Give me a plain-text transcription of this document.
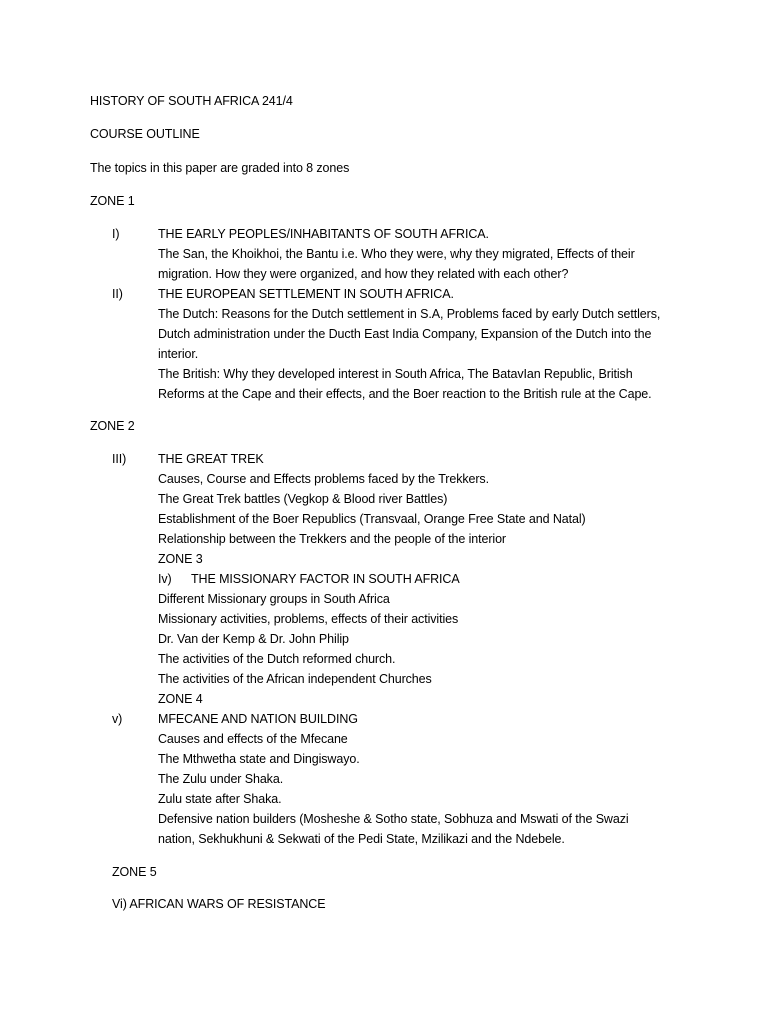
HISTORY OF SOUTH AFRICA 241/4
COURSE OUTLINE
The topics in this paper are graded into 8 zones
ZONE 1
I)	THE EARLY PEOPLES/INHABITANTS OF SOUTH AFRICA.
The San, the Khoikhoi, the Bantu i.e. Who they were, why they migrated, Effects of their
migration. How they were organized, and how they related with each other?
II)	THE EUROPEAN SETTLEMENT IN SOUTH AFRICA.
The Dutch: Reasons for the Dutch settlement in S.A, Problems faced by early Dutch settlers,
Dutch administration under the Ducth East India Company, Expansion of the Dutch into the
interior.
The British: Why they developed interest in South Africa, The BatavIan Republic, British
Reforms at the Cape and their effects, and the Boer reaction to the British rule at the Cape.
ZONE 2
III)	THE GREAT TREK
Causes, Course and Effects problems faced by the Trekkers.
The Great Trek battles (Vegkop & Blood river Battles)
Establishment of the Boer Republics (Transvaal, Orange Free State and Natal)
Relationship between the Trekkers and the people of the interior
ZONE 3
Iv) THE MISSIONARY FACTOR IN SOUTH AFRICA
Different Missionary groups in South Africa
Missionary activities, problems, effects of their activities
Dr. Van der Kemp & Dr. John Philip
The activities of the Dutch reformed church.
The activities of the African independent Churches
ZONE 4
v)	MFECANE AND NATION BUILDING
Causes and effects of the Mfecane
The Mthwetha state and Dingiswayo.
The Zulu under Shaka.
Zulu state after Shaka.
Defensive nation builders (Mosheshe & Sotho state, Sobhuza and Mswati of the Swazi
nation, Sekhukhuni & Sekwati of the Pedi State, Mzilikazi and the Ndebele.
ZONE 5
Vi) AFRICAN WARS OF RESISTANCE
